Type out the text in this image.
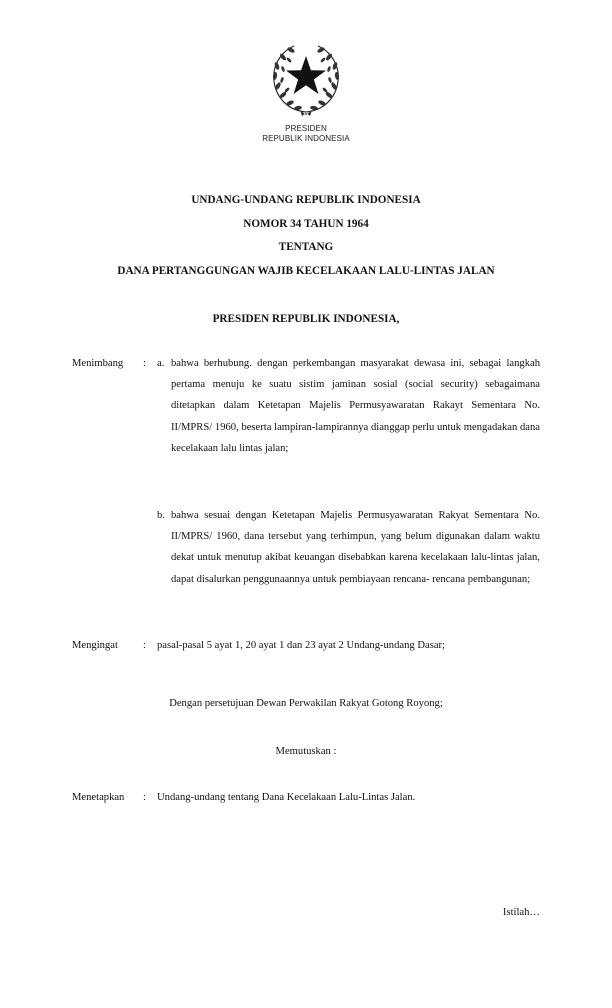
PRESIDEN
REPUBLIK INDONESIA
UNDANG-UNDANG REPUBLIK INDONESIA
NOMOR 34 TAHUN 1964
TENTANG
DANA PERTANGGUNGAN WAJIB KECELAKAAN LALU-LINTAS JALAN
PRESIDEN REPUBLIK INDONESIA,
Menimbang : a. bahwa berhubung. dengan perkembangan masyarakat dewasa ini, sebagai langkah pertama menuju ke suatu sistim jaminan sosial (social security) sebagaimana ditetapkan dalam Ketetapan Majelis Permusyawaratan Rakayt Sementara No. II/MPRS/ 1960, beserta lampiran-lampirannya dianggap perlu untuk mengadakan dana kecelakaan lalu lintas jalan;
b. bahwa sesuai dengan Ketetapan Majelis Permusyawaratan Rakyat Sementara No. II/MPRS/ 1960, dana tersebut yang terhimpun, yang belum digunakan dalam waktu dekat untuk menutup akibat keuangan disebabkan karena kecelakaan lalu-lintas jalan, dapat disalurkan penggunaannya untuk pembiayaan rencana- rencana pembangunan;
Mengingat : pasal-pasal 5 ayat 1, 20 ayat 1 dan 23 ayat 2 Undang-undang Dasar;
Dengan persetujuan Dewan Perwakilan Rakyat Gotong Royong;
Memutuskan :
Menetapkan : Undang-undang tentang Dana Kecelakaan Lalu-Lintas Jalan.
Istilah…
